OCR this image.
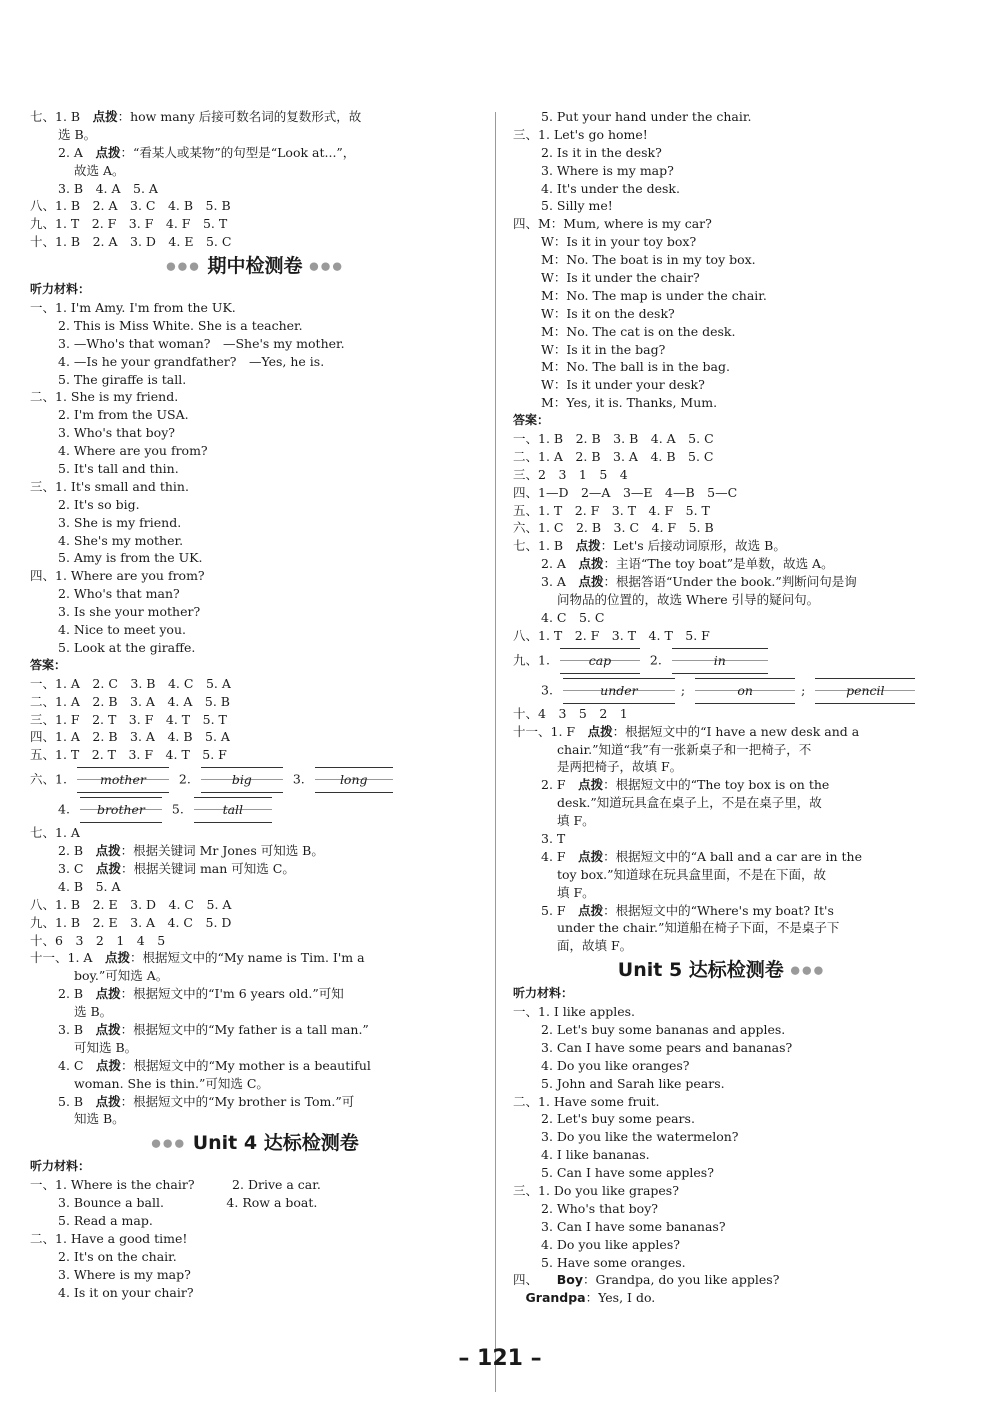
七、1. B　点拨：how many 后接可数名词的复数形式，故
选 B。
2. A　点拨：“看某人或某物”的句型是“Look at...”，
故选 A。
3. B　4. A　5. A
八、1. B　2. A　3. C　4. B　5. B
九、1. T　2. F　3. F　4. F　5. T
十、1. B　2. A　3. D　4. E　5. C
●●● 期中检测卷 ●●●
听力材料：
一、1. I'm Amy. I'm from the UK.
2. This is Miss White. She is a teacher.
3. —Who's that woman?　—She's my mother.
4. —Is he your grandfather?　—Yes, he is.
5. The giraffe is tall.
二、1. She is my friend.
2. I'm from the USA.
3. Who's that boy?
4. Where are you from?
5. It's tall and thin.
三、1. It's small and thin.
2. It's so big.
3. She is my friend.
4. She's my mother.
5. Amy is from the UK.
四、1. Where are you from?
2. Who's that man?
3. Is she your mother?
4. Nice to meet you.
5. Look at the giraffe.
答案：
一、1. A　2. C　3. B　4. C　5. A
二、1. A　2. B　3. A　4. A　5. B
三、1. F　2. T　3. F　4. T　5. T
四、1. A　2. B　3. A　4. B　5. A
五、1. T　2. T　3. F　4. T　5. F
六、1.	mother	2.	big	3.	long
4. brother 5.	tall
七、1. A
2. B　点拨：根据关键词 Mr Jones 可知选 B。
3. C　点拨：根据关键词 man 可知选 C。
4. B　5. A
八、1. B　2. E　3. D　4. C　5. A
九、1. B　2. E　3. A　4. C　5. D
十、6　3　2　1　4　5
十一、1. A　点拨：根据短文中的“My name is Tim. I'm a
boy.”可知选 A。
2. B　点拨：根据短文中的“I'm 6 years old.”可知
选 B。
3. B　点拨：根据短文中的“My father is a tall man.”
可知选 B。
4. C　点拨：根据短文中的“My mother is a beautiful
woman. She is thin.”可知选 C。
5. B　点拨：根据短文中的“My brother is Tom.”可
知选 B。
●●● Unit 4 达标检测卷
听力材料：
一、1. Where is the chair?　　　2. Drive a car.
3. Bounce a ball.　　　　　4. Row a boat.
5. Read a map.
二、1. Have a good time!
2. It's on the chair.
3. Where is my map?
4. Is it on your chair?
5. Put your hand under the chair.
三、1. Let's go home!
2. Is it in the desk?
3. Where is my map?
4. It's under the desk.
5. Silly me!
四、M：Mum, where is my car?
W：Is it in your toy box?
M：No. The boat is in my toy box.
W：Is it under the chair?
M：No. The map is under the chair.
W：Is it on the desk?
M：No. The cat is on the desk.
W：Is it in the bag?
M：No. The ball is in the bag.
W：Is it under your desk?
M：Yes, it is. Thanks, Mum.
答案：
一、1. B　2. B　3. B　4. A　5. C
二、1. A　2. B　3. A　4. B　5. C
三、2　3　1　5　4
四、1—D　2—A　3—E　4—B　5—C
五、1. T　2. F　3. T　4. F　5. T
六、1. C　2. B　3. C　4. F　5. B
七、1. B　点拨：Let's 后接动词原形，故选 B。
2. A　点拨：主语“The toy boat”是单数，故选 A。
3. A　点拨：根据答语“Under the book.”判断问句是询
问物品的位置的，故选 Where 引导的疑问句。
4. C　5. C
八、1. T　2. F　3. T　4. T　5. F
九、1.	cap	2.	in
3.	under	;	on	;	pencil
十、4　3　5　2　1
十一、1. F　点拨：根据短文中的“I have a new desk and a
chair.”知道“我”有一张新桌子和一把椅子，不
是两把椅子，故填 F。
2. F　点拨：根据短文中的“The toy box is on the
desk.”知道玩具盒在桌子上，不是在桌子里，故
填 F。
3. T
4. F　点拨：根据短文中的“A ball and a car are in the
toy box.”知道球在玩具盒里面，不是在下面，故
填 F。
5. F　点拨：根据短文中的“Where's my boat? It's
under the chair.”知道船在椅子下面，不是桌子下
面，故填 F。
Unit 5 达标检测卷 ●●●
听力材料：
一、1. I like apples.
2. Let's buy some bananas and apples.
3. Can I have some pears and bananas?
4. Do you like oranges?
5. John and Sarah like pears.
二、1. Have some fruit.
2. Let's buy some pears.
3. Do you like the watermelon?
4. I like bananas.
5. Can I have some apples?
三、1. Do you like grapes?
2. Who's that boy?
3. Can I have some bananas?
4. Do you like apples?
5. Have some oranges.
四、　　Boy：Grandpa, do you like apples?
　Grandpa：Yes, I do.
– 121 –
